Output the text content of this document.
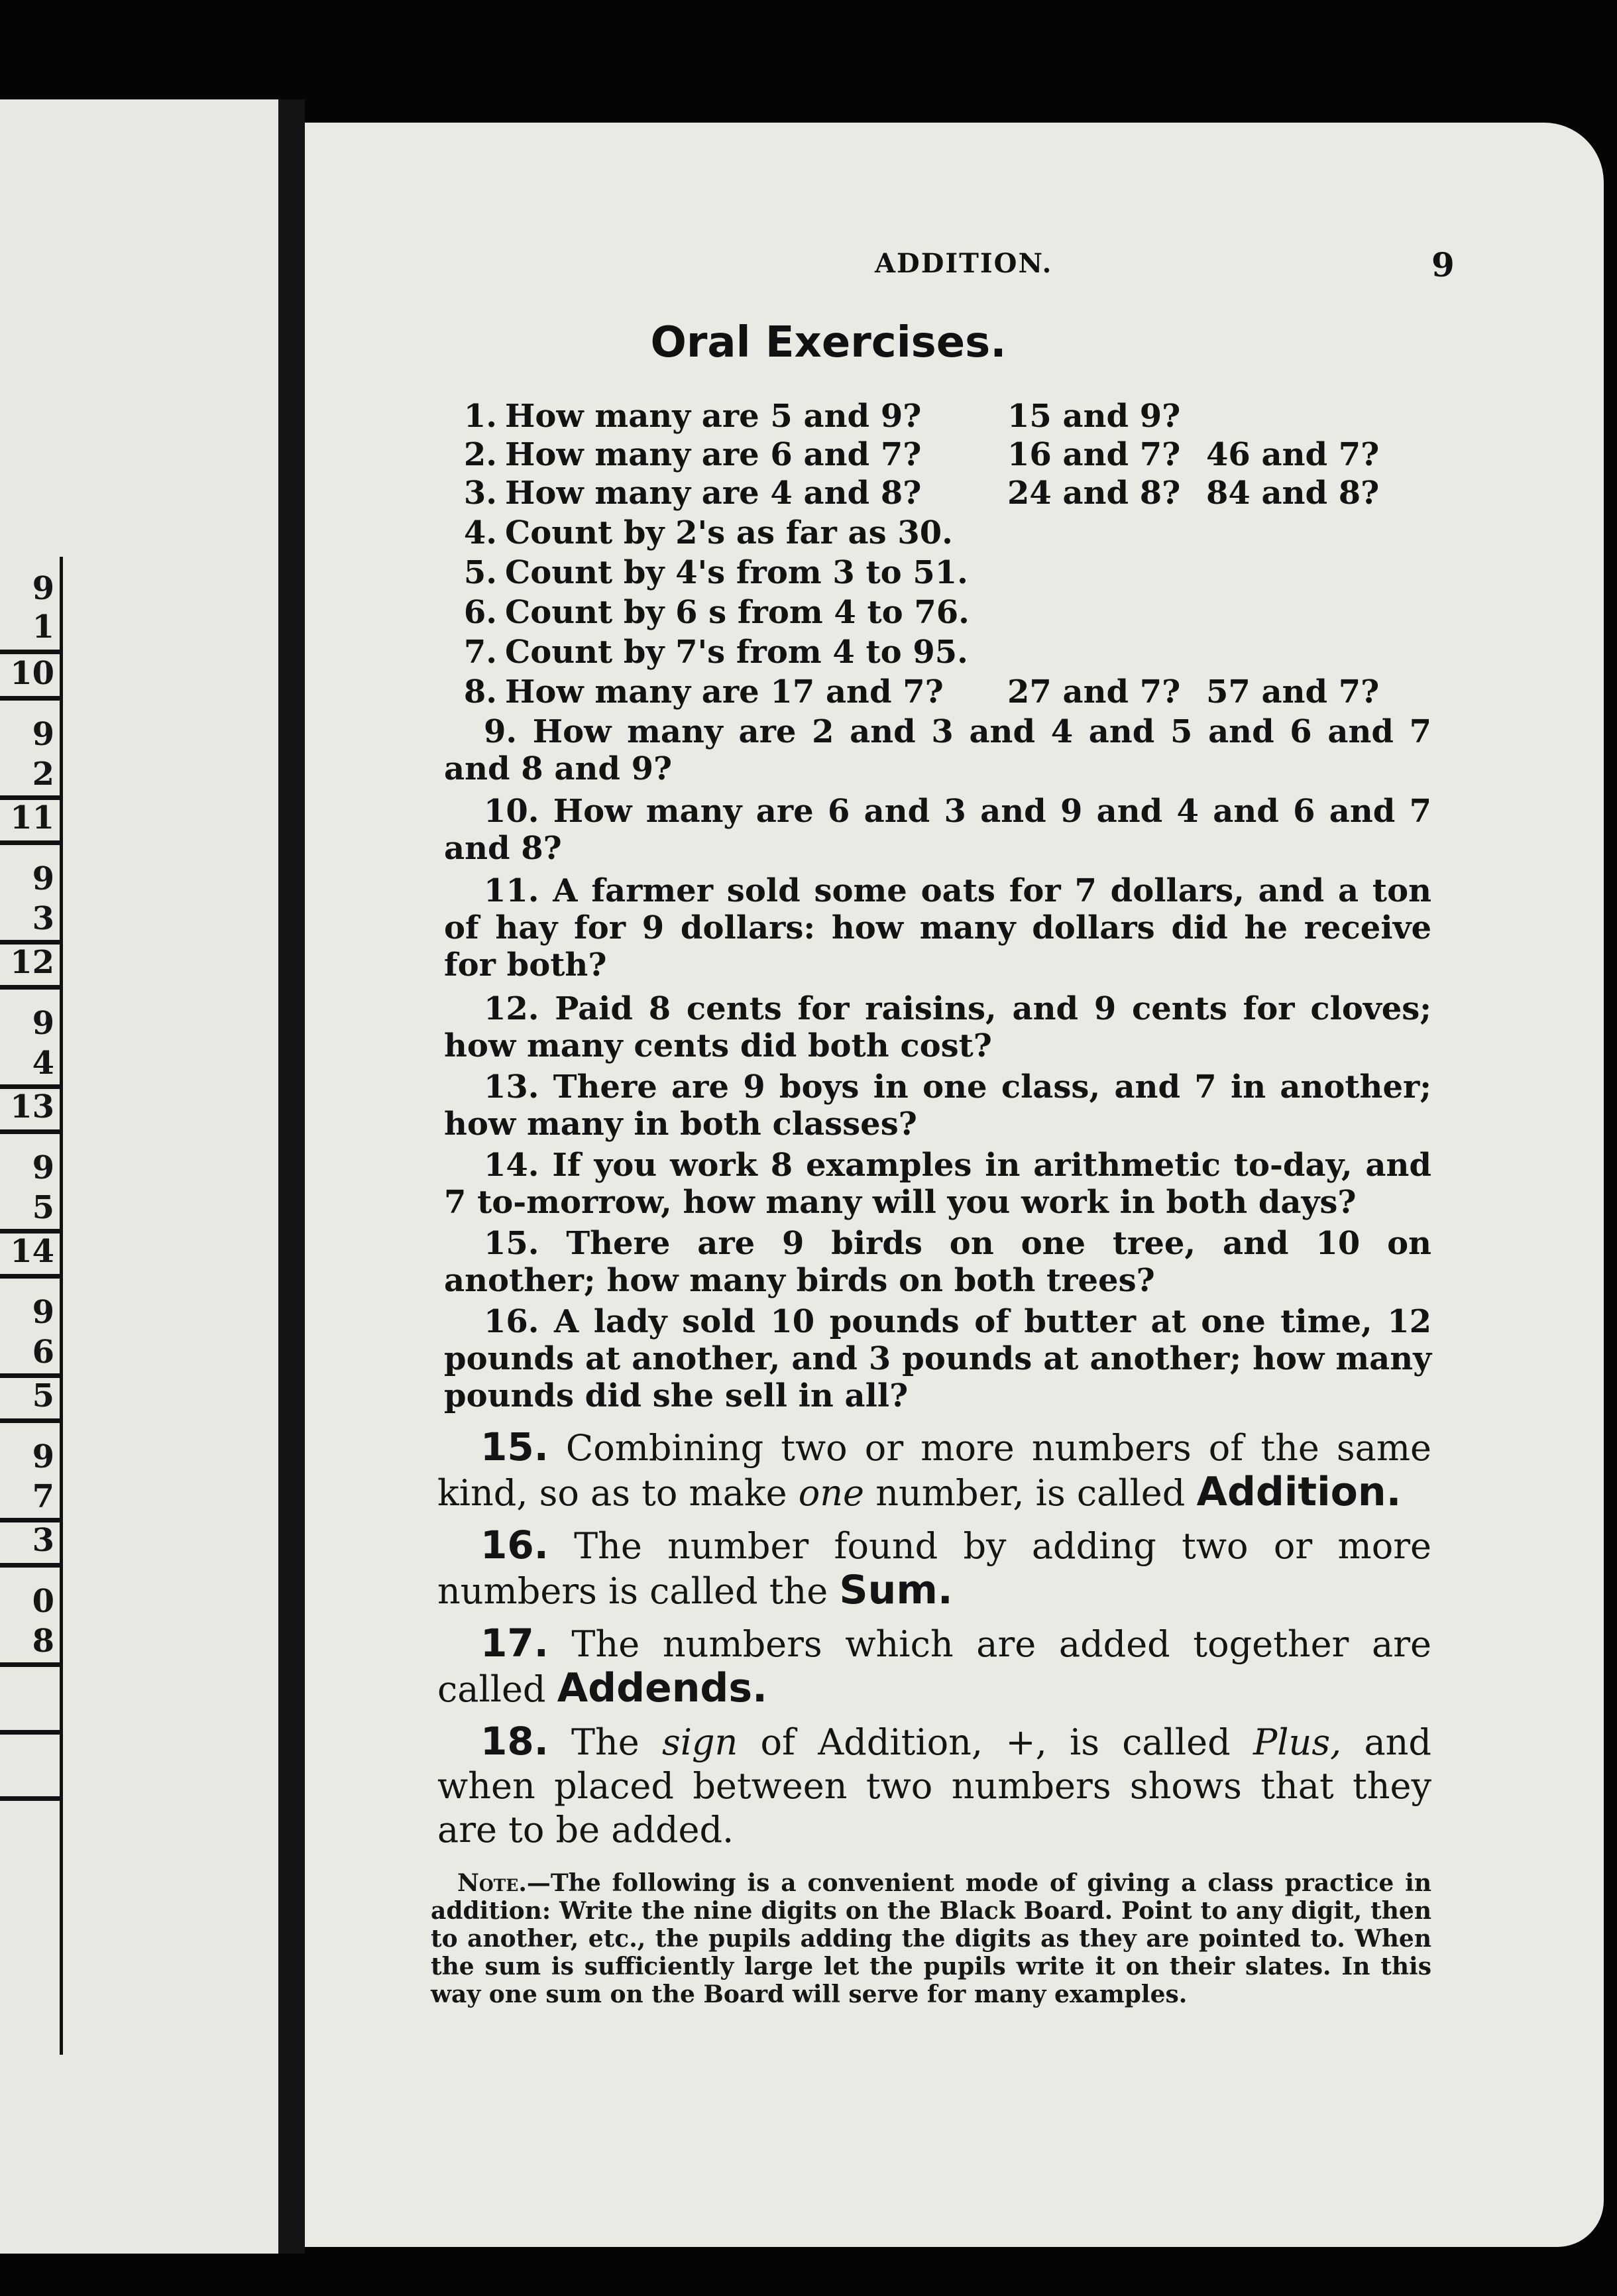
9
1
10
9
2
11
9
3
12
9
4
13
9
5
14
9
6
5
9
7
3
0
8
ADDITION.	9
Oral Exercises.
1. How many are 5 and 9?	15 and 9?
2. How many are 6 and 7?	16 and 7? 46 and 7?
3. How many are 4 and 8?	24 and 8? 84 and 8?
4. Count by 2's as far as 30.
5. Count by 4's from 3 to 51.
6. Count by 6 s from 4 to 76.
7. Count by 7's from 4 to 95.
8. How many are 17 and 7? 27 and 7? 57 and 7?
9. How many are 2 and 3 and 4 and 5 and 6 and 7 and 8 and 9?
10. How many are 6 and 3 and 9 and 4 and 6 and 7 and 8?
11. A farmer sold some oats for 7 dollars, and a ton of hay for 9 dollars: how many dollars did he receive for both?
12. Paid 8 cents for raisins, and 9 cents for cloves; how many cents did both cost?
13. There are 9 boys in one class, and 7 in another; how many in both classes?
14. If you work 8 examples in arithmetic to-day, and 7 to-morrow, how many will you work in both days?
15. There are 9 birds on one tree, and 10 on another; how many birds on both trees?
16. A lady sold 10 pounds of butter at one time, 12 pounds at another, and 3 pounds at another; how many pounds did she sell in all?
15. Combining two or more numbers of the same kind, so as to make one number, is called Addition.
16. The number found by adding two or more numbers is called the Sum.
17. The numbers which are added together are called Addends.
18. The sign of Addition, +, is called Plus, and when placed between two numbers shows that they are to be added.
Note.—The following is a convenient mode of giving a class practice in addition: Write the nine digits on the Black Board. Point to any digit, then to another, etc., the pupils adding the digits as they are pointed to. When the sum is sufficiently large let the pupils write it on their slates. In this way one sum on the Board will serve for many examples.
